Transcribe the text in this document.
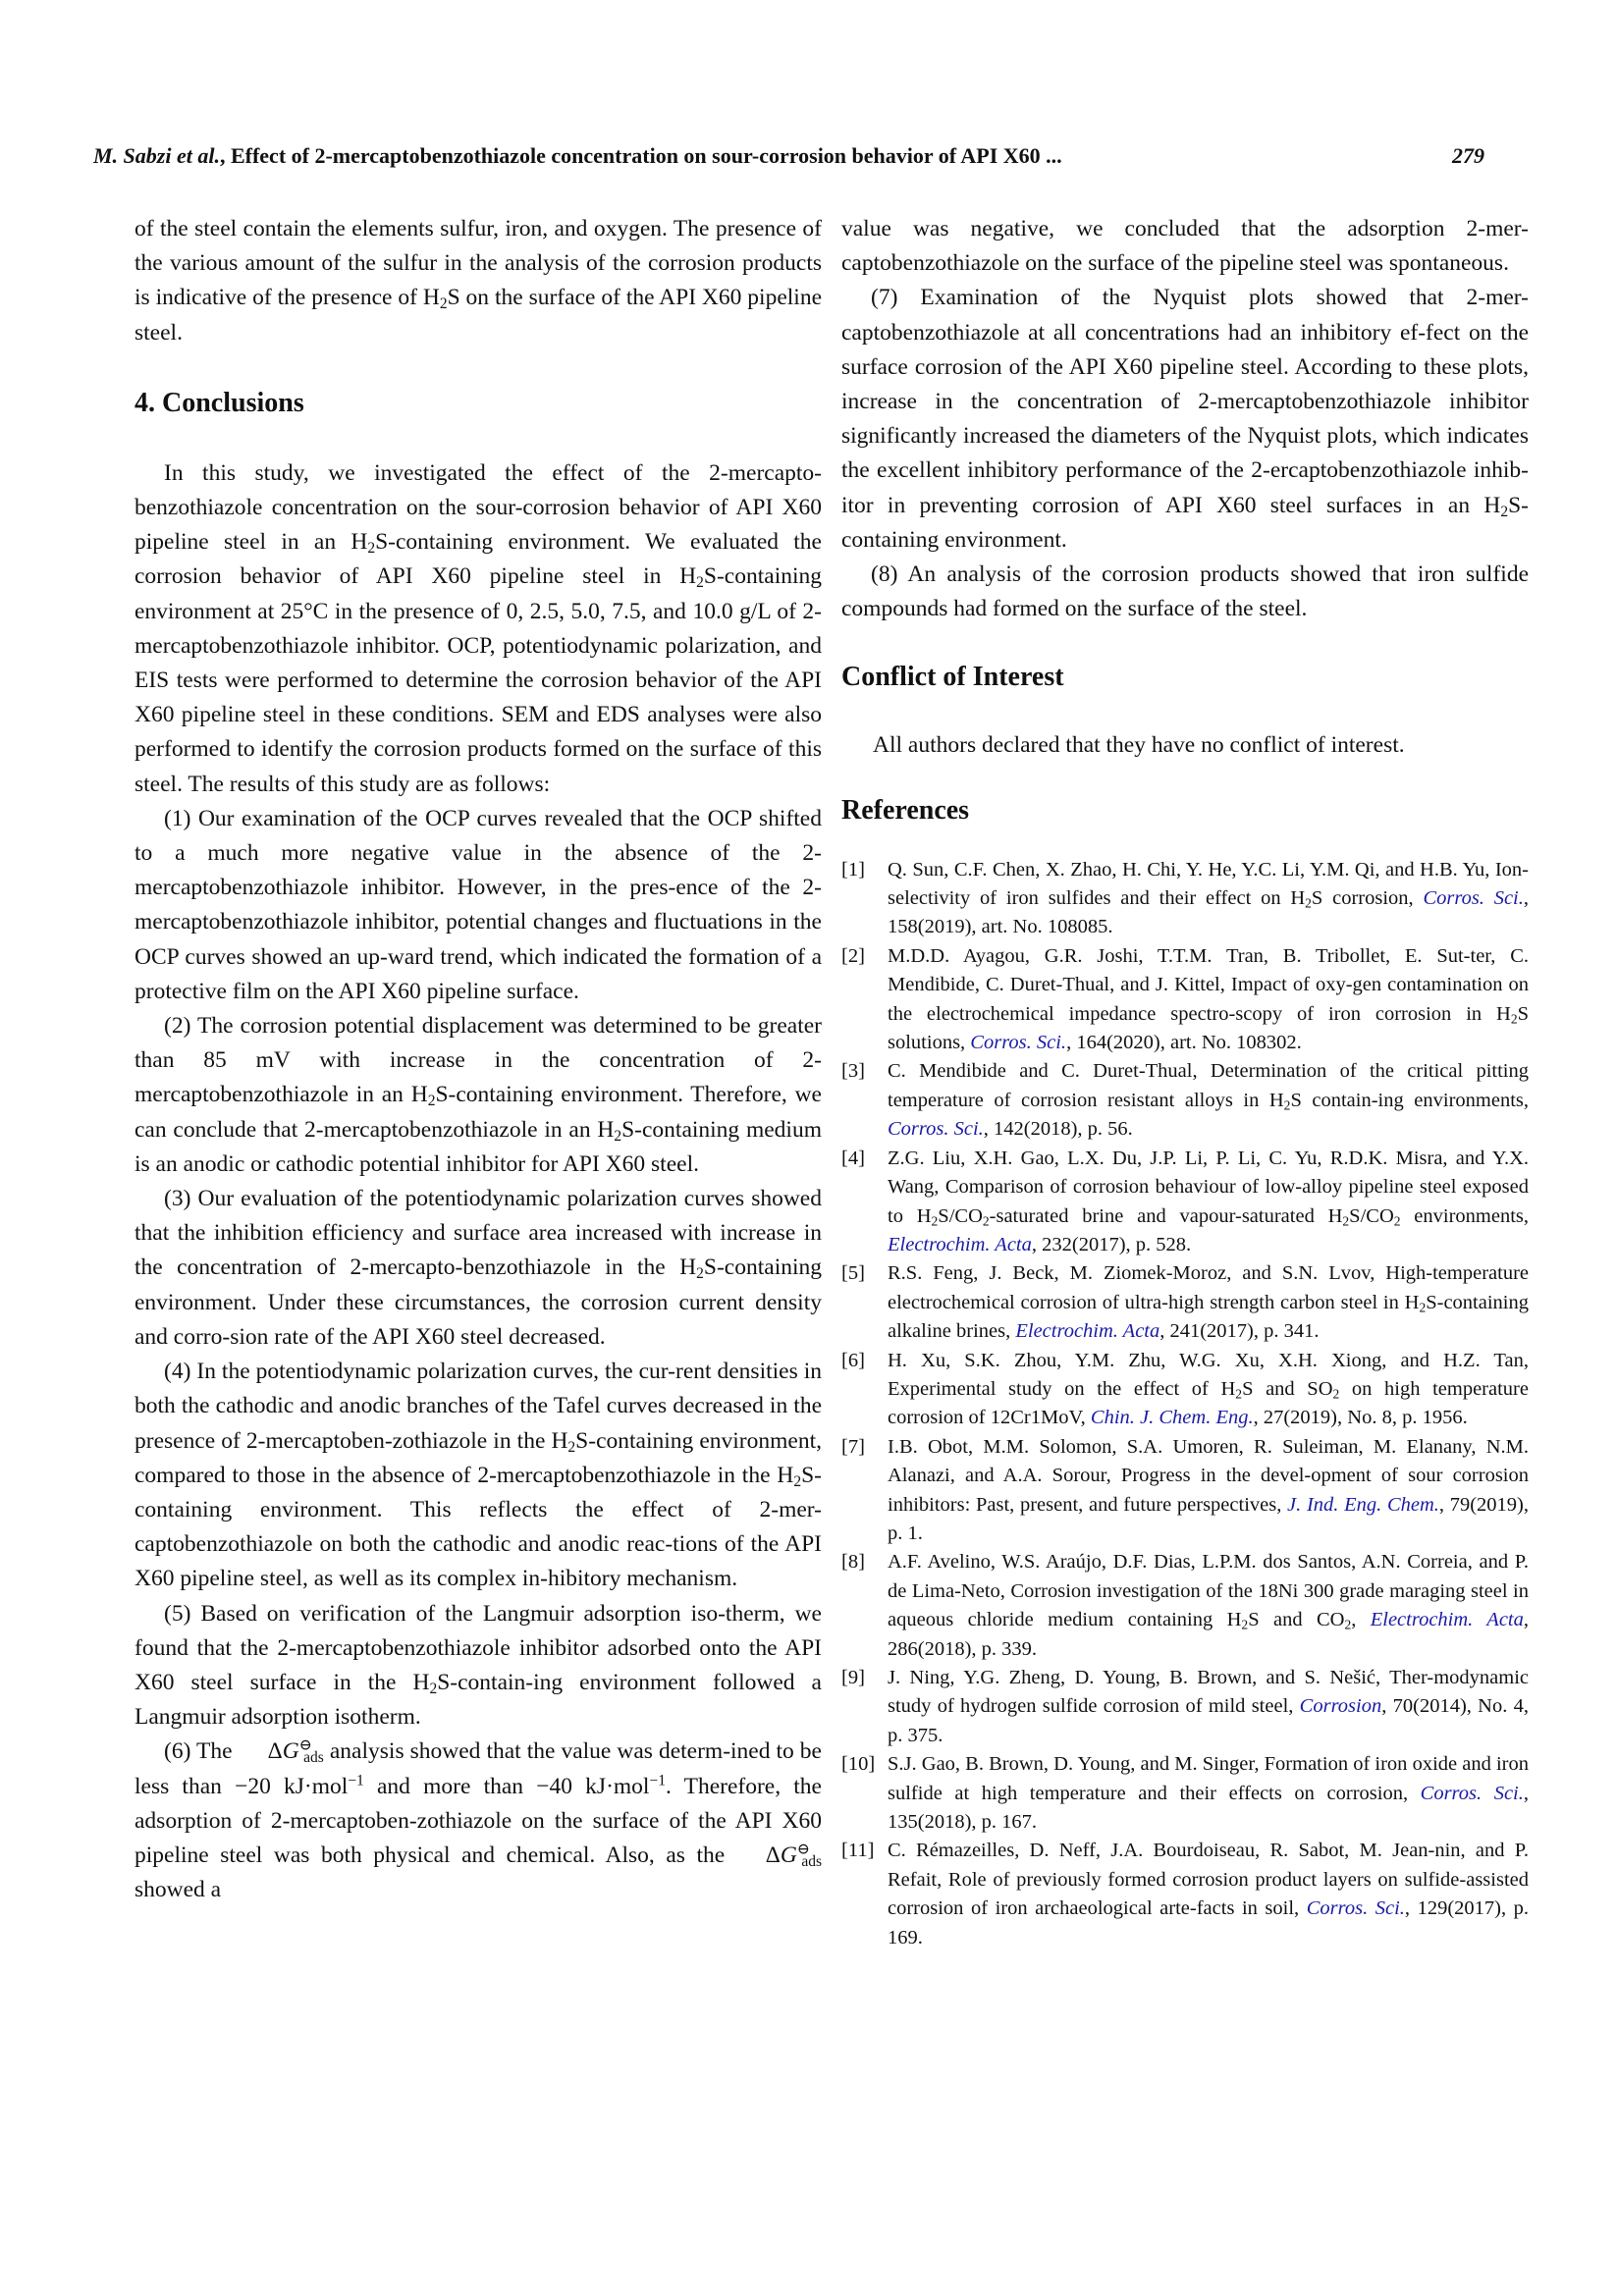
M. Sabzi et al., Effect of 2-mercaptobenzothiazole concentration on sour-corrosion behavior of API X60 ...	279

of the steel contain the elements sulfur, iron, and oxygen. The presence of the various amount of the sulfur in the analysis of the corrosion products is indicative of the presence of $H_2S$ on the surface of the API X60 pipeline steel.

4. Conclusions

In this study, we investigated the effect of the 2-mercapto-benzothiazole concentration on the sour-corrosion behavior of API X60 pipeline steel in an $H_2S$-containing environment. We evaluated the corrosion behavior of API X60 pipeline steel in $H_2S$-containing environment at 25°C in the presence of 0, 2.5, 5.0, 7.5, and 10.0 g/L of 2-mercaptobenzothiazole inhibitor. OCP, potentiodynamic polarization, and EIS tests were performed to determine the corrosion behavior of the API X60 pipeline steel in these conditions. SEM and EDS analyses were also performed to identify the corrosion products formed on the surface of this steel. The results of this study are as follows:

(1) Our examination of the OCP curves revealed that the OCP shifted to a much more negative value in the absence of the 2-mercaptobenzothiazole inhibitor. However, in the pres-ence of the 2-mercaptobenzothiazole inhibitor, potential changes and fluctuations in the OCP curves showed an up-ward trend, which indicated the formation of a protective film on the API X60 pipeline surface.

(2) The corrosion potential displacement was determined to be greater than 85 mV with increase in the concentration of 2-mercaptobenzothiazole in an $H_2S$-containing environment. Therefore, we can conclude that 2-mercaptobenzothiazole in an $H_2S$-containing medium is an anodic or cathodic potential inhibitor for API X60 steel.

(3) Our evaluation of the potentiodynamic polarization curves showed that the inhibition efficiency and surface area increased with increase in the concentration of 2-mercapto-benzothiazole in the $H_2S$-containing environment. Under these circumstances, the corrosion current density and corro-sion rate of the API X60 steel decreased.

(4) In the potentiodynamic polarization curves, the cur-rent densities in both the cathodic and anodic branches of the Tafel curves decreased in the presence of 2-mercaptoben-zothiazole in the $H_2S$-containing environment, compared to those in the absence of 2-mercaptobenzothiazole in the $H_2S$-containing environment. This reflects the effect of 2-mer-captobenzothiazole on both the cathodic and anodic reac-tions of the API X60 pipeline steel, as well as its complex in-hibitory mechanism.

(5) Based on verification of the Langmuir adsorption iso-therm, we found that the 2-mercaptobenzothiazole inhibitor adsorbed onto the API X60 steel surface in the $H_2S-contain$-ing environment followed a Langmuir adsorption isotherm.

(6) The $\Delta G^⊖_{ads}$ analysis showed that the value was determ-ined to be less than −20 kJ·mol$^{-1}$ and more than −40 kJ·mol$^{-1}$. Therefore, the adsorption of 2-mercaptoben-zothiazole on the surface of the API X60 pipeline steel was both physical and chemical. Also, as the $\Delta G^⊖_{ads}$ showed a

value was negative, we concluded that the adsorption 2-mer-captobenzothiazole on the surface of the pipeline steel was spontaneous.

(7) Examination of the Nyquist plots showed that 2-mer-captobenzothiazole at all concentrations had an inhibitory ef-fect on the surface corrosion of the API X60 pipeline steel. According to these plots, increase in the concentration of 2-mercaptobenzothiazole inhibitor significantly increased the diameters of the Nyquist plots, which indicates the excellent inhibitory performance of the 2-ercaptobenzothiazole inhib-itor in preventing corrosion of API X60 steel surfaces in an $H_2S$-containing environment.

(8) An analysis of the corrosion products showed that iron sulfide compounds had formed on the surface of the steel.

Conflict of Interest

All authors declared that they have no conflict of interest.

References
[1]	Q. Sun, C.F. Chen, X. Zhao, H. Chi, Y. He, Y.C. Li, Y.M. Qi, and H.B. Yu, Ion-selectivity of iron sulfides and their effect on $H_2S$ corrosion, Corros. Sci., 158(2019), art. No. 108085.
[2]	M.D.D. Ayagou, G.R. Joshi, T.T.M. Tran, B. Tribollet, E. Sut-ter, C. Mendibide, C. Duret-Thual, and J. Kittel, Impact of oxy-gen contamination on the electrochemical impedance spectro-scopy of iron corrosion in $H_2S$ solutions, Corros. Sci., 164(2020), art. No. 108302.
[3]	C. Mendibide and C. Duret-Thual, Determination of the critical pitting temperature of corrosion resistant alloys in $H_2S$ contain-ing environments, Corros. Sci., 142(2018), p. 56.
[4]	Z.G. Liu, X.H. Gao, L.X. Du, J.P. Li, P. Li, C. Yu, R.D.K. Misra, and Y.X. Wang, Comparison of corrosion behaviour of low-alloy pipeline steel exposed to $H_2S/CO_2$-saturated brine and vapour-saturated $H_2S/CO_2$ environments, Electrochim. Acta, 232(2017), p. 528.
[5]	R.S. Feng, J. Beck, M. Ziomek-Moroz, and S.N. Lvov, High-temperature electrochemical corrosion of ultra-high strength carbon steel in $H_2S$-containing alkaline brines, Electrochim. Acta, 241(2017), p. 341.
[6]	H. Xu, S.K. Zhou, Y.M. Zhu, W.G. Xu, X.H. Xiong, and H.Z. Tan, Experimental study on the effect of $H_2S$ and $SO_2$ on high temperature corrosion of 12Cr1MoV, Chin. J. Chem. Eng., 27(2019), No. 8, p. 1956.
[7]	I.B. Obot, M.M. Solomon, S.A. Umoren, R. Suleiman, M. Elanany, N.M. Alanazi, and A.A. Sorour, Progress in the devel-opment of sour corrosion inhibitors: Past, present, and future perspectives, J. Ind. Eng. Chem., 79(2019), p. 1.
[8]	A.F. Avelino, W.S. Araújo, D.F. Dias, L.P.M. dos Santos, A.N. Correia, and P. de Lima-Neto, Corrosion investigation of the 18Ni 300 grade maraging steel in aqueous chloride medium containing $H_2S$ and $CO_2$, Electrochim. Acta, 286(2018), p. 339.
[9]	J. Ning, Y.G. Zheng, D. Young, B. Brown, and S. Nešić, Ther-modynamic study of hydrogen sulfide corrosion of mild steel, Corrosion, 70(2014), No. 4, p. 375.
[10] S.J. Gao, B. Brown, D. Young, and M. Singer, Formation of iron oxide and iron sulfide at high temperature and their effects on corrosion, Corros. Sci., 135(2018), p. 167.
[11] C. Rémazeilles, D. Neff, J.A. Bourdoiseau, R. Sabot, M. Jean-nin, and P. Refait, Role of previously formed corrosion product layers on sulfide-assisted corrosion of iron archaeological arte-facts in soil, Corros. Sci., 129(2017), p. 169.
